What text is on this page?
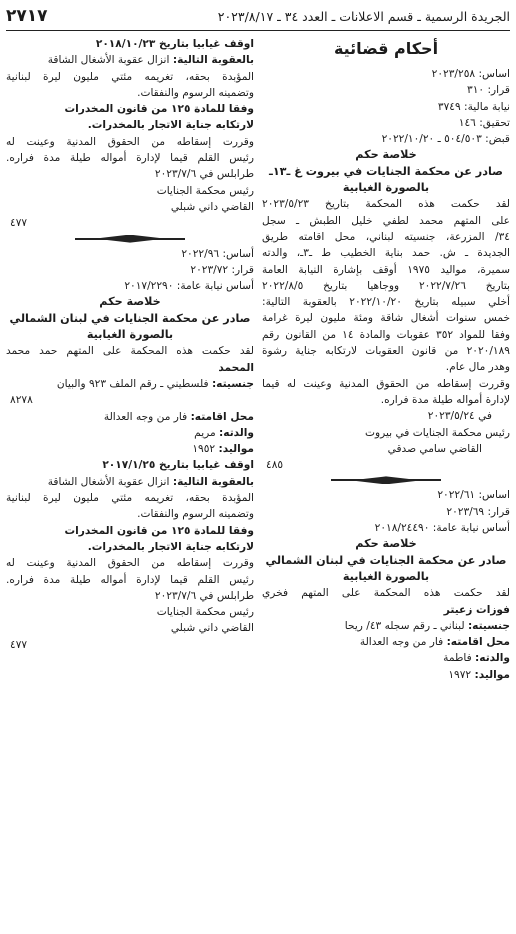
الجريدة الرسمية ـ قسم الاعلانات ـ العدد ٣٤ ـ ٢٠٢٣/٨/١٧
٢٧١٧
أحكام قضائية
اساس: ٢٠٢٣/٢٥٨
قرار: ٣١٠
نيابة مالية: ٣٧٤٩
تحقيق: ١٤٦
قبض: ٥٠٤/٥٠٣ ـ ٢٠٢٢/١٠/٢٠
خلاصة حكم
صادر عن محكمة الجنايات في بيروت غ ـ١٣ـ
بالصورة الغيابية
لقد حكمت هذه المحكمة بتاريخ ٢٠٢٣/٥/٢٣
على المتهم محمد لطفي خليل الطبش ـ سجل
٣٤/ المزرعة، جنسيته لبناني، محل اقامته طريق
الجديدة ـ ش. حمد بناية الخطيب ط ـ٣ـ، والدته
سميرة، مواليد ١٩٧٥ أوقف بإشارة النيابة العامة
بتاريخ ٢٠٢٢/٧/٢٦ ووجاهيا بتاريخ ٢٠٢٢/٨/٥
أخلي سبيله بتاريخ ٢٠٢٢/١٠/٢٠ بالعقوبة التالية:
خمس سنوات أشغال شاقة ومئة مليون ليرة غرامة
وفقا للمواد ٣٥٢ عقوبات والمادة ١٤ من القانون رقم
٢٠٢٠/١٨٩ من قانون العقوبات لارتكابه جناية رشوة
وهدر مال عام.
وقررت إسقاطه من الحقوق المدنية وعينت له قيما
لإدارة أمواله طيلة مدة فراره.
في ٢٠٢٣/٥/٢٤
رئيس محكمة الجنايات في بيروت
القاضي سامي صدقي
٤٨٥
اساس: ٢٠٢٢/٦١
قرار: ٢٠٢٣/٦٩
أساس نيابة عامة: ٢٠١٨/٢٤٤٩٠
خلاصة حكم
صادر عن محكمة الجنايات في لبنان الشمالي
بالصورة الغيابية
لقد حكمت هذه المحكمة على المتهم فخري
فوزات زعيتر
جنسيته: لبناني ـ رقم سجله ٤٣/ ريحا
محل اقامته: فار من وجه العدالة
والدته: فاطمة
مواليد: ١٩٧٢
اوقف غيابيا بتاريخ ٢٠١٨/١٠/٢٣
بالعقوبة التالية: انزال عقوبة الأشغال الشاقة
المؤبدة بحقه، تغريمه مئتي مليون ليرة لبنانية
وتضمينه الرسوم والنفقات.
وفقا للمادة ١٢٥ من قانون المخدرات
لارتكابه جناية الاتجار بالمخدرات.
وقررت إسقاطه من الحقوق المدنية وعينت له
رئيس القلم قيما لإدارة أمواله طيلة مدة فراره.
طرابلس في ٢٠٢٣/٧/٦
رئيس محكمة الجنايات
القاضي داني شبلي
٤٧٧
أساس: ٢٠٢٢/٩٦
قرار: ٢٠٢٣/٧٢
أساس نيابة عامة: ٢٠١٧/٢٢٩٠
خلاصة حكم
صادر عن محكمة الجنايات في لبنان الشمالي
بالصورة الغيابية
لقد حكمت هذه المحكمة على المتهم حمد محمد
المحمد
جنسيته: فلسطيني ـ رقم الملف ٩٢٣ والبيان
٨٢٧٨
محل اقامته: فار من وجه العدالة
والدته: مريم
مواليد: ١٩٥٢
اوقف غيابيا بتاريخ ٢٠١٧/١/٢٥
بالعقوبة التالية: انزال عقوبة الأشغال الشاقة
المؤبدة بحقه، تغريمه مئتي مليون ليرة لبنانية
وتضمينه الرسوم والنفقات.
وفقا للمادة ١٢٥ من قانون المخدرات
لارتكابه جناية الاتجار بالمخدرات.
وقررت إسقاطه من الحقوق المدنية وعينت له
رئيس القلم قيما لإدارة أمواله طيلة مدة فراره.
طرابلس في ٢٠٢٣/٧/٦
رئيس محكمة الجنايات
القاضي داني شبلي
٤٧٧
